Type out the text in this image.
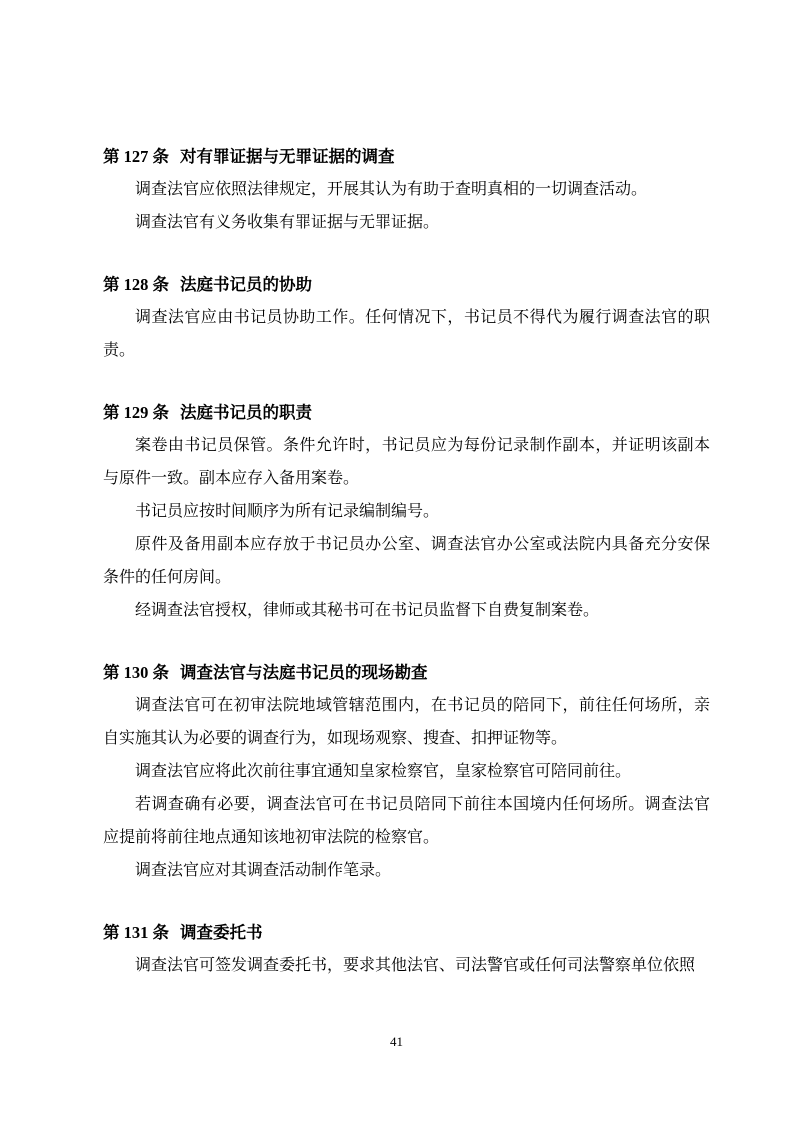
第 127 条 对有罪证据与无罪证据的调查

调查法官应依照法律规定，开展其认为有助于查明真相的一切调查活动。

调查法官有义务收集有罪证据与无罪证据。

第 128 条 法庭书记员的协助

调查法官应由书记员协助工作。任何情况下，书记员不得代为履行调查法官的职责。

第 129 条 法庭书记员的职责

案卷由书记员保管。条件允许时，书记员应为每份记录制作副本，并证明该副本与原件一致。副本应存入备用案卷。

书记员应按时间顺序为所有记录编制编号。

原件及备用副本应存放于书记员办公室、调查法官办公室或法院内具备充分安保条件的任何房间。

经调查法官授权，律师或其秘书可在书记员监督下自费复制案卷。

第 130 条 调查法官与法庭书记员的现场勘查

调查法官可在初审法院地域管辖范围内，在书记员的陪同下，前往任何场所，亲自实施其认为必要的调查行为，如现场观察、搜查、扣押证物等。

调查法官应将此次前往事宜通知皇家检察官，皇家检察官可陪同前往。

若调查确有必要，调查法官可在书记员陪同下前往本国境内任何场所。调查法官应提前将前往地点通知该地初审法院的检察官。

调查法官应对其调查活动制作笔录。

第 131 条 调查委托书

调查法官可签发调查委托书，要求其他法官、司法警官或任何司法警察单位依照

41
